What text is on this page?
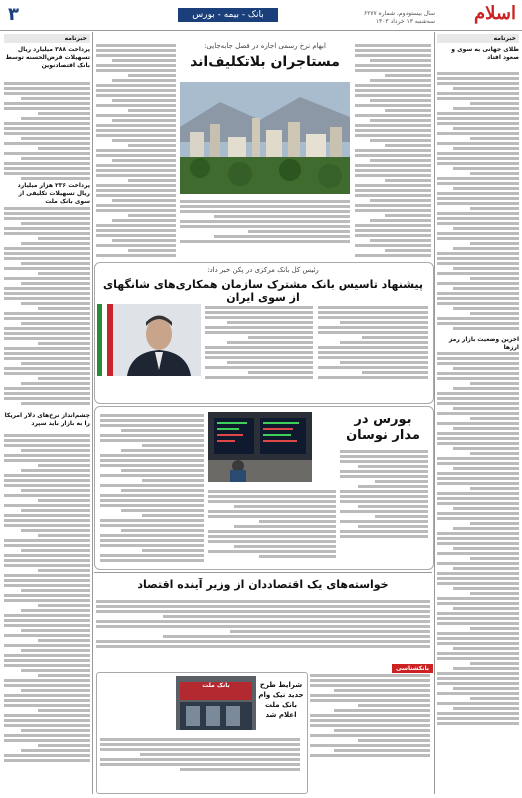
۳	بانک - بیمه - بورس	سال بیستودوم، شماره ۶۲۷۷
سه‌شنبه ۱۳ خرداد ۱۴۰۳ اسلام
خبرنامه
پرداخت ۳۸۸ میلیارد ریال تسهیلات قرض‌الحسنه توسط بانک اقتصادنوین
پرداخت ۲۳۶ هزار میلیارد ریال تسهیلات تکلیفی از سوی بانک ملت
چشم‌انداز نرخ‌های دلار آمریکا را به بازار باید سپرد
خبرنامه
طلای جهانی به سوی و صعود افتاد
آخرین وضعیت بازار رمز ارزها
ابهام نرخ رسمی اجاره در فصل جابه‌جایی:
مستاجران بلاتکلیف‌اند
رئیس کل بانک مرکزی در پکن خبر داد:
پیشنهاد تاسیس بانک مشترک سازمان همکاری‌های شانگهای از سوی ایران
بورس در مدار نوسان
خواسته‌های یک اقتصاددان از وزیر آینده اقتصاد
بانکشناسی
بانک ملت	شرایط طرح جدید نیک وام بانک ملت اعلام شد
